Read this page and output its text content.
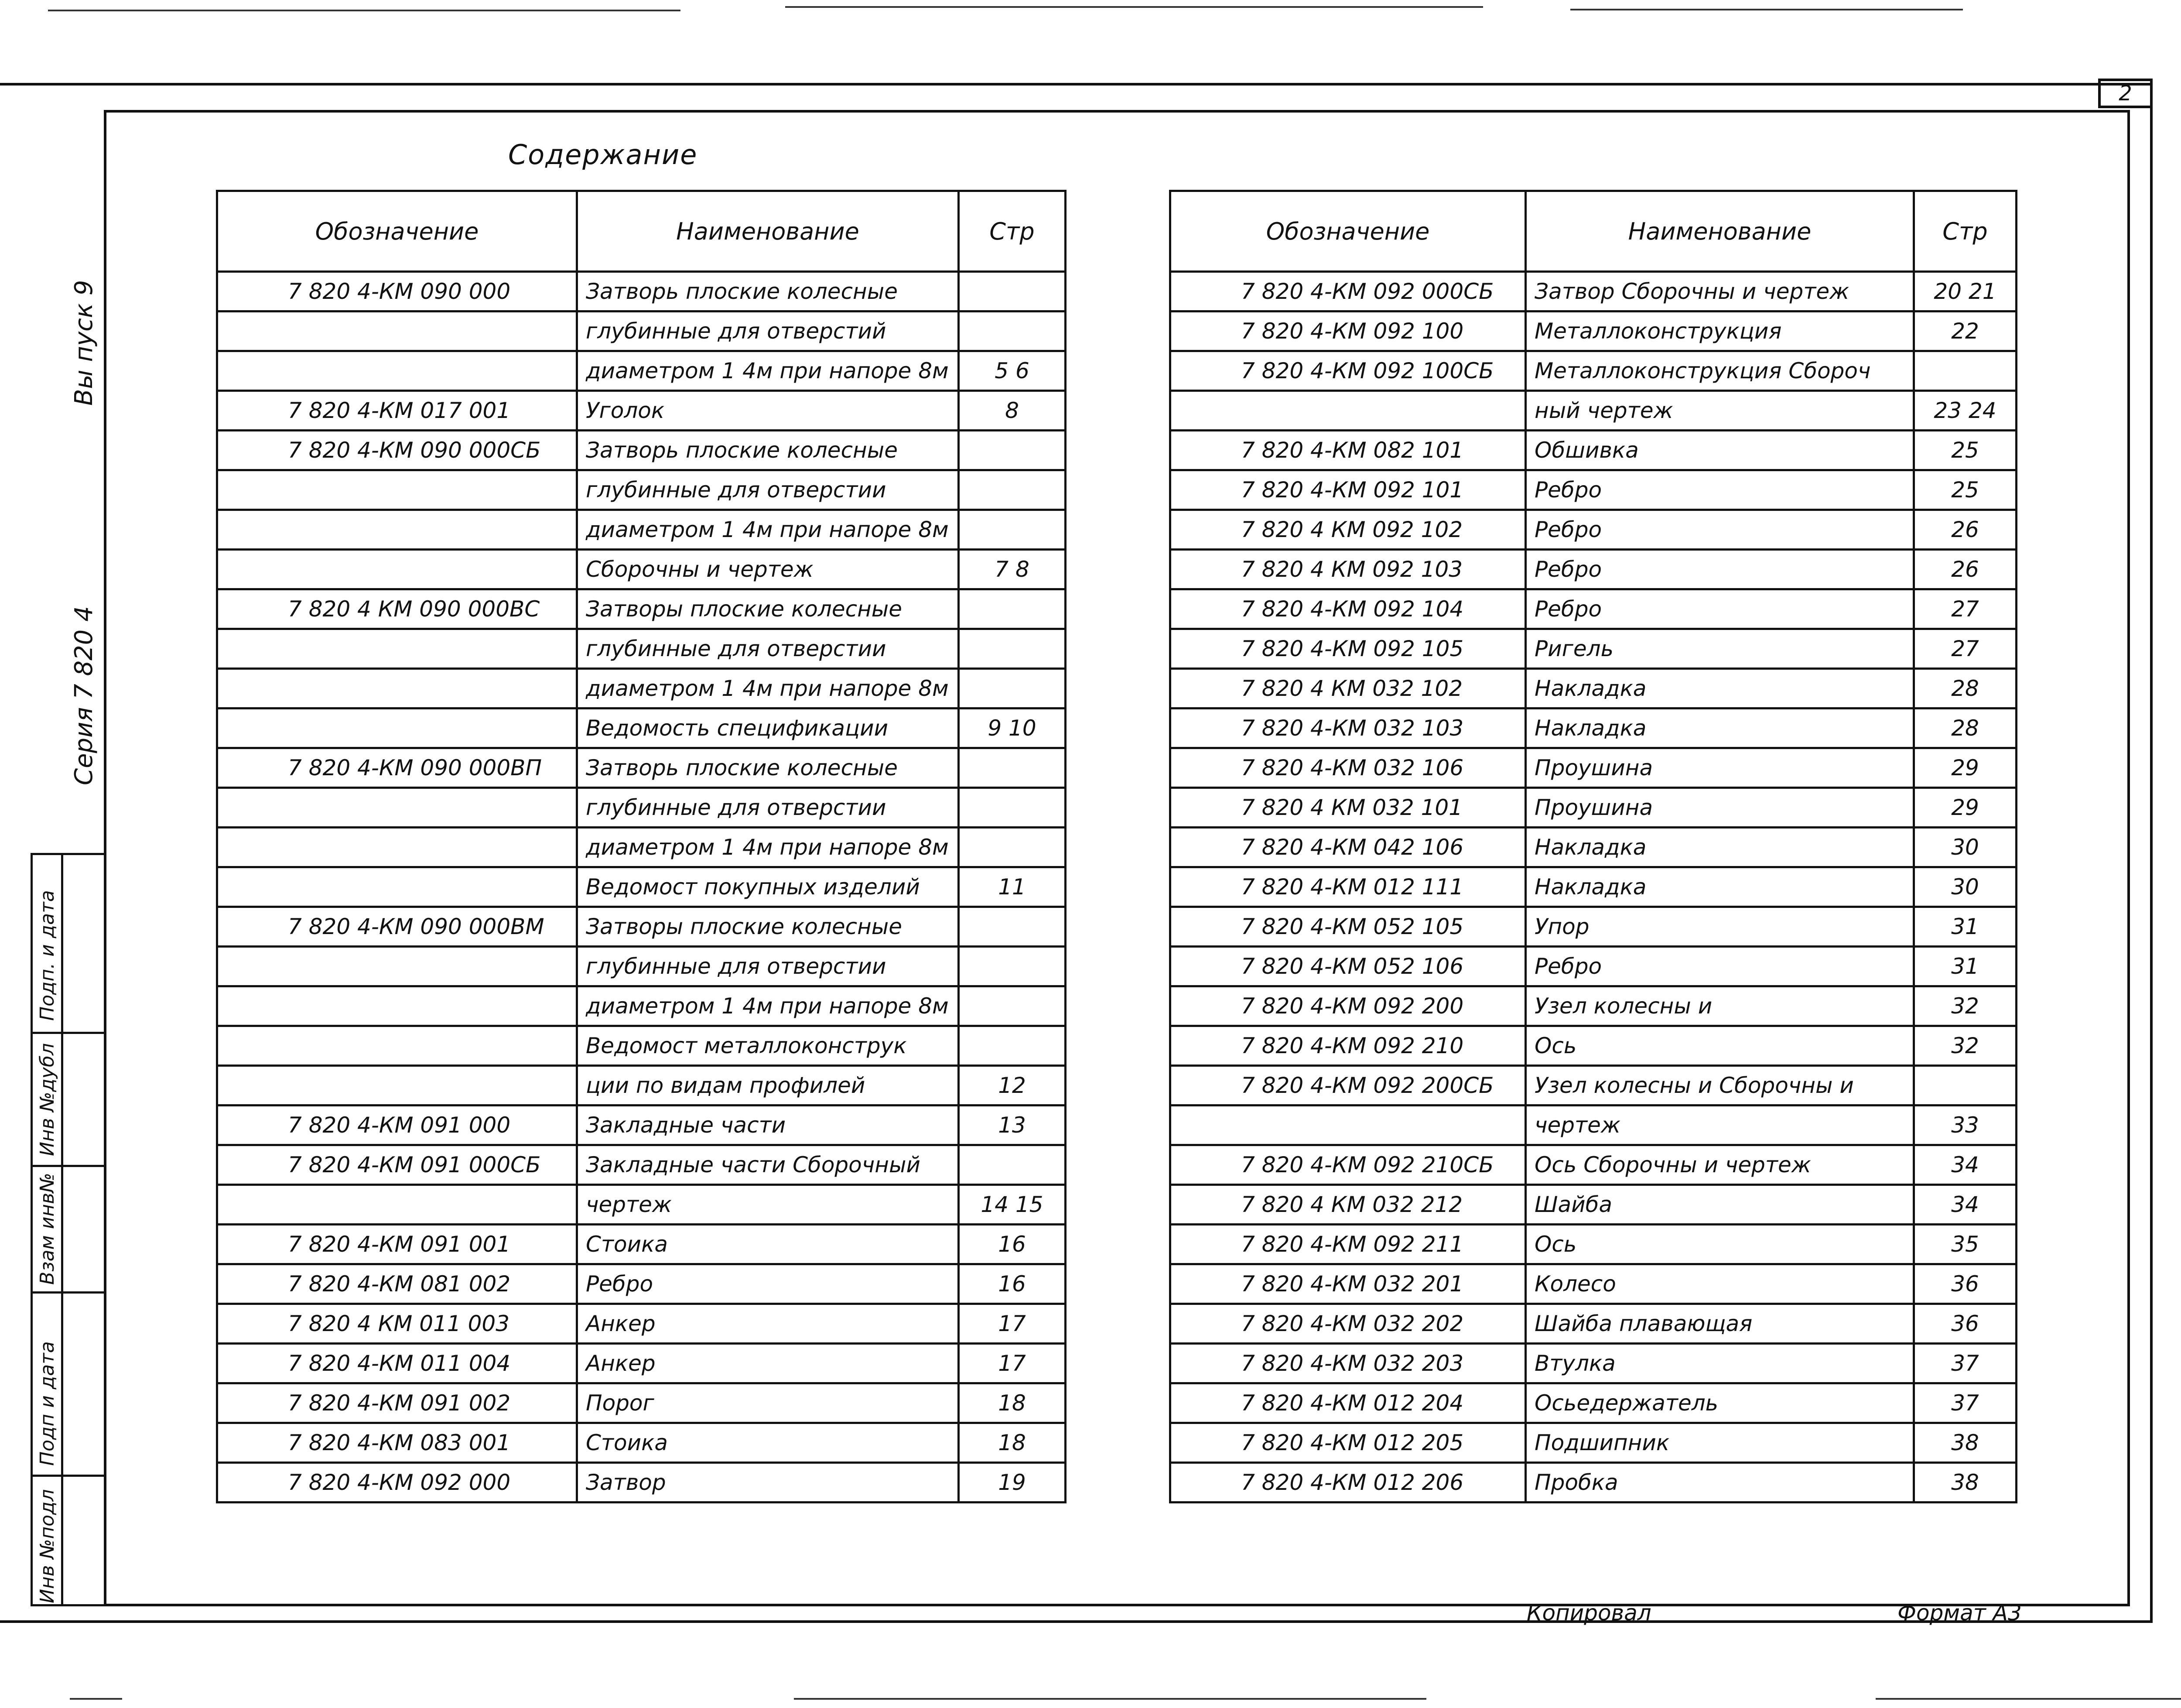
2
Содержание
Вы пуск 9
Серия 7 820 4
Подп. и дата
Инв №дубл
Взам инв№
Подп и дата
Инв №подл
Обозначение	Наименование	Стр
7 820 4-КМ 090 000	Затворь плоские колесные	
	глубинные для отверстий	
	диаметром 1 4м при напоре 8м	5 6
7 820 4-КМ 017 001	Уголок	8
7 820 4-КМ 090 000СБ	Затворь плоские колесные	
	глубинные для отверстии	
	диаметром 1 4м при напоре 8м	
	Сборочны и чертеж	7 8
7 820 4 КМ 090 000ВС	Затворы плоские колесные	
	глубинные для отверстии	
	диаметром 1 4м при напоре 8м	
	Ведомость спецификации	9 10
7 820 4-КМ 090 000ВП	Затворь плоские колесные	
	глубинные для отверстии	
	диаметром 1 4м при напоре 8м	
	Ведомост покупных изделий	11
7 820 4-КМ 090 000ВМ	Затворы плоские колесные	
	глубинные для отверстии	
	диаметром 1 4м при напоре 8м	
	Ведомост металлоконструк	
	ции по видам профилей	12
7 820 4-КМ 091 000	Закладные части	13
7 820 4-КМ 091 000СБ	Закладные части Сборочный	
	чертеж	14 15
7 820 4-КМ 091 001	Стоика	16
7 820 4-КМ 081 002	Ребро	16
7 820 4 КМ 011 003	Анкер	17
7 820 4-КМ 011 004	Анкер	17
7 820 4-КМ 091 002	Порог	18
7 820 4-КМ 083 001	Стоика	18
7 820 4-КМ 092 000	Затвор	19
Обозначение	Наименование	Стр
7 820 4-КМ 092 000СБ	Затвор Сборочны и чертеж	20 21
7 820 4-КМ 092 100	Металлоконструкция	22
7 820 4-КМ 092 100СБ	Металлоконструкция Сбороч	
	ный чертеж	23 24
7 820 4-КМ 082 101	Обшивка	25
7 820 4-КМ 092 101	Ребро	25
7 820 4 КМ 092 102	Ребро	26
7 820 4 КМ 092 103	Ребро	26
7 820 4-КМ 092 104	Ребро	27
7 820 4-КМ 092 105	Ригель	27
7 820 4 КМ 032 102	Накладка	28
7 820 4-КМ 032 103	Накладка	28
7 820 4-КМ 032 106	Проушина	29
7 820 4 КМ 032 101	Проушина	29
7 820 4-КМ 042 106	Накладка	30
7 820 4-КМ 012 111	Накладка	30
7 820 4-КМ 052 105	Упор	31
7 820 4-КМ 052 106	Ребро	31
7 820 4-КМ 092 200	Узел колесны и	32
7 820 4-КМ 092 210	Ось	32
7 820 4-КМ 092 200СБ	Узел колесны и Сборочны и	
	чертеж	33
7 820 4-КМ 092 210СБ	Ось Сборочны и чертеж	34
7 820 4 КМ 032 212	Шайба	34
7 820 4-КМ 092 211	Ось	35
7 820 4-КМ 032 201	Колесо	36
7 820 4-КМ 032 202	Шайба плавающая	36
7 820 4-КМ 032 203	Втулка	37
7 820 4-КМ 012 204	Осьедержатель	37
7 820 4-КМ 012 205	Подшипник	38
7 820 4-КМ 012 206	Пробка	38
Копировал	Формат А3
